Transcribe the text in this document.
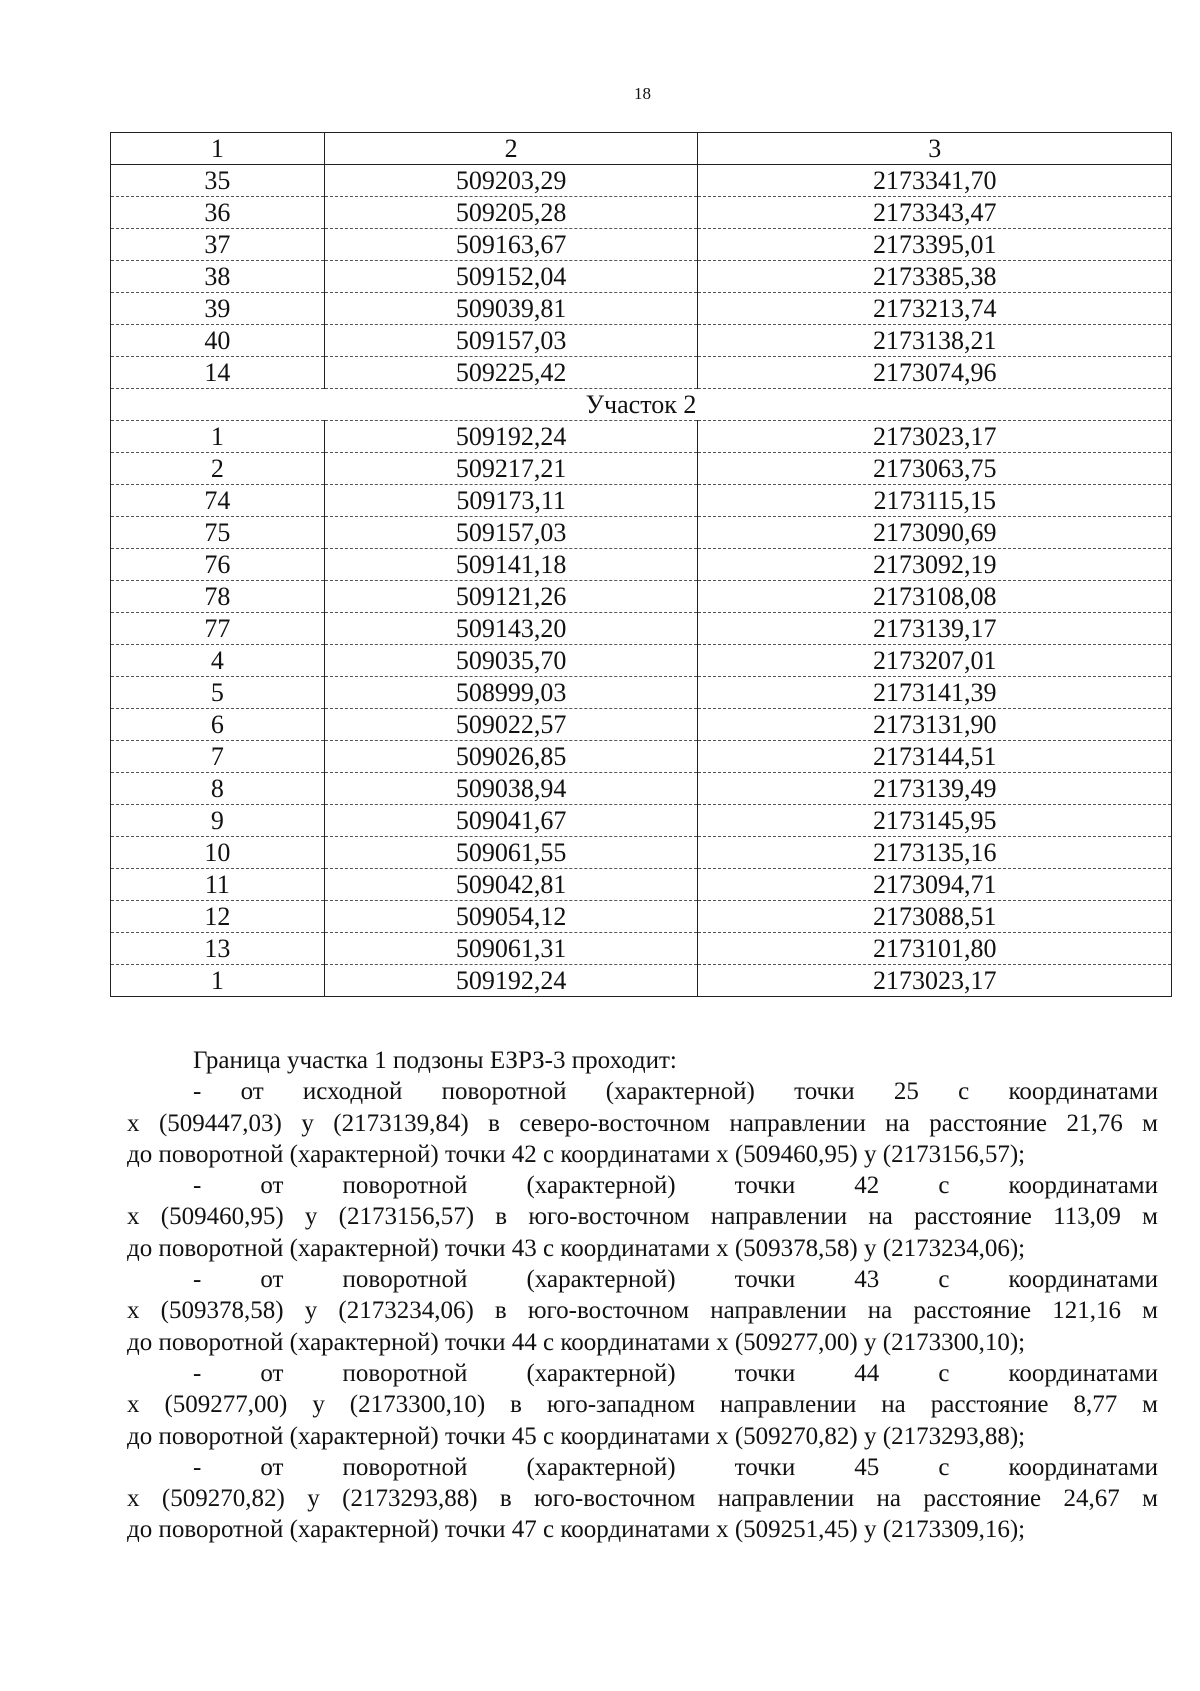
18
1	2	3
35	509203,29	2173341,70
36	509205,28	2173343,47
37	509163,67	2173395,01
38	509152,04	2173385,38
39	509039,81	2173213,74
40	509157,03	2173138,21
14	509225,42	2173074,96
Участок 2		
1	509192,24	2173023,17
2	509217,21	2173063,75
74	509173,11	2173115,15
75	509157,03	2173090,69
76	509141,18	2173092,19
78	509121,26	2173108,08
77	509143,20	2173139,17
4	509035,70	2173207,01
5	508999,03	2173141,39
6	509022,57	2173131,90
7	509026,85	2173144,51
8	509038,94	2173139,49
9	509041,67	2173145,95
10	509061,55	2173135,16
11	509042,81	2173094,71
12	509054,12	2173088,51
13	509061,31	2173101,80
1	509192,24	2173023,17
Граница участка 1 подзоны ЕЗРЗ-3 проходит:
- от исходной поворотной (характерной) точки 25 с координатами
x (509447,03) y (2173139,84) в северо-восточном направлении на расстояние 21,76 м
до поворотной (характерной) точки 42 с координатами x (509460,95) y (2173156,57);
- от поворотной (характерной) точки 42 с координатами
x (509460,95) y (2173156,57) в юго-восточном направлении на расстояние 113,09 м
до поворотной (характерной) точки 43 с координатами x (509378,58) y (2173234,06);
- от поворотной (характерной) точки 43 с координатами
x (509378,58) y (2173234,06) в юго-восточном направлении на расстояние 121,16 м
до поворотной (характерной) точки 44 с координатами x (509277,00) y (2173300,10);
- от поворотной (характерной) точки 44 с координатами
x (509277,00) y (2173300,10) в юго-западном направлении на расстояние 8,77 м
до поворотной (характерной) точки 45 с координатами x (509270,82) y (2173293,88);
- от поворотной (характерной) точки 45 с координатами
x (509270,82) y (2173293,88) в юго-восточном направлении на расстояние 24,67 м
до поворотной (характерной) точки 47 с координатами x (509251,45) y (2173309,16);
